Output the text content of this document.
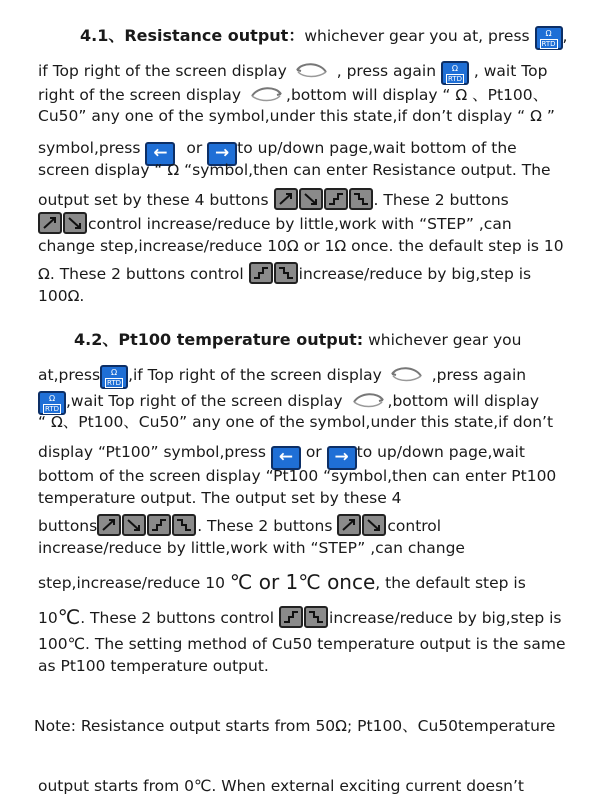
4.1、Resistance output：whichever gear you at, press	Ω
RTD ,
if Top right of the screen display	, press again	Ω
RTD , wait Top
right of the screen display	,bottom will display “ Ω 、Pt100、
Cu50” any one of the symbol,under this state,if don’t display “ Ω ”
symbol,press ← or → to up/down page,wait bottom of the
screen display “ Ω “symbol,then can enter Resistance output. The
output set by these 4 buttons	. These 2 buttons
control increase/reduce by little,work with “STEP” ,can
change step,increase/reduce 10Ω or 1Ω once. the default step is 10
Ω. These 2 buttons control	increase/reduce by big,step is
100Ω.
4.2、Pt100 temperature output: whichever gear you
at,press	Ω
RTD ,if Top right of the screen display	,press again
Ω
RTD ,wait Top right of the screen display	,bottom will display
“ Ω、Pt100、Cu50” any one of the symbol,under this state,if don’t
display “Pt100” symbol,press ← or → to up/down page,wait
bottom of the screen display “Pt100 “symbol,then can enter Pt100
temperature output. The output set by these 4
buttons	. These 2 buttons	control
increase/reduce by little,work with “STEP” ,can change
step,increase/reduce 10 ℃ or 1℃ once, the default step is
10℃. These 2 buttons control	increase/reduce by big,step is
100℃. The setting method of Cu50 temperature output is the same
as Pt100 temperature output.
Note: Resistance output starts from 50Ω; Pt100、Cu50temperature
output starts from 0℃. When external exciting current doesn’t
